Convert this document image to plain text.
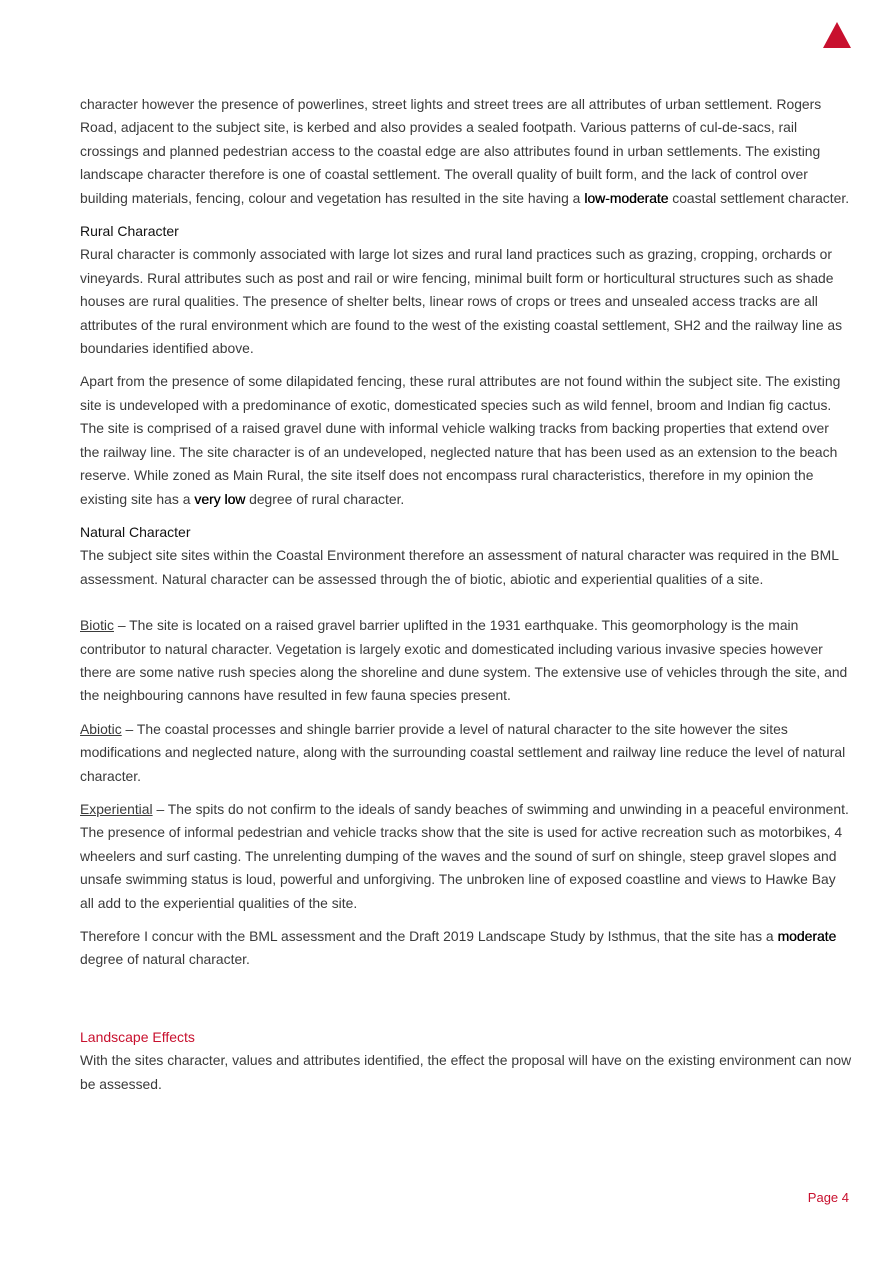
character however the presence of powerlines, street lights and street trees are all attributes of urban settlement. Rogers Road, adjacent to the subject site, is kerbed and also provides a sealed footpath. Various patterns of cul-de-sacs, rail crossings and planned pedestrian access to the coastal edge are also attributes found in urban settlements. The existing landscape character therefore is one of coastal settlement. The overall quality of built form, and the lack of control over building materials, fencing, colour and vegetation has resulted in the site having a low-moderate coastal settlement character.

Rural Character

Rural character is commonly associated with large lot sizes and rural land practices such as grazing, cropping, orchards or vineyards. Rural attributes such as post and rail or wire fencing, minimal built form or horticultural structures such as shade houses are rural qualities. The presence of shelter belts, linear rows of crops or trees and unsealed access tracks are all attributes of the rural environment which are found to the west of the existing coastal settlement, SH2 and the railway line as boundaries identified above.

Apart from the presence of some dilapidated fencing, these rural attributes are not found within the subject site. The existing site is undeveloped with a predominance of exotic, domesticated species such as wild fennel, broom and Indian fig cactus. The site is comprised of a raised gravel dune with informal vehicle walking tracks from backing properties that extend over the railway line. The site character is of an undeveloped, neglected nature that has been used as an extension to the beach reserve. While zoned as Main Rural, the site itself does not encompass rural characteristics, therefore in my opinion the existing site has a very low degree of rural character.

Natural Character

The subject site sites within the Coastal Environment therefore an assessment of natural character was required in the BML assessment. Natural character can be assessed through the of biotic, abiotic and experiential qualities of a site.

Biotic – The site is located on a raised gravel barrier uplifted in the 1931 earthquake. This geomorphology is the main contributor to natural character. Vegetation is largely exotic and domesticated including various invasive species however there are some native rush species along the shoreline and dune system. The extensive use of vehicles through the site, and the neighbouring cannons have resulted in few fauna species present.

Abiotic – The coastal processes and shingle barrier provide a level of natural character to the site however the sites modifications and neglected nature, along with the surrounding coastal settlement and railway line reduce the level of natural character.

Experiential – The spits do not confirm to the ideals of sandy beaches of swimming and unwinding in a peaceful environment. The presence of informal pedestrian and vehicle tracks show that the site is used for active recreation such as motorbikes, 4 wheelers and surf casting. The unrelenting dumping of the waves and the sound of surf on shingle, steep gravel slopes and unsafe swimming status is loud, powerful and unforgiving. The unbroken line of exposed coastline and views to Hawke Bay all add to the experiential qualities of the site.

Therefore I concur with the BML assessment and the Draft 2019 Landscape Study by Isthmus, that the site has a moderate degree of natural character.

Landscape Effects

With the sites character, values and attributes identified, the effect the proposal will have on the existing environment can now be assessed.

Page 4
